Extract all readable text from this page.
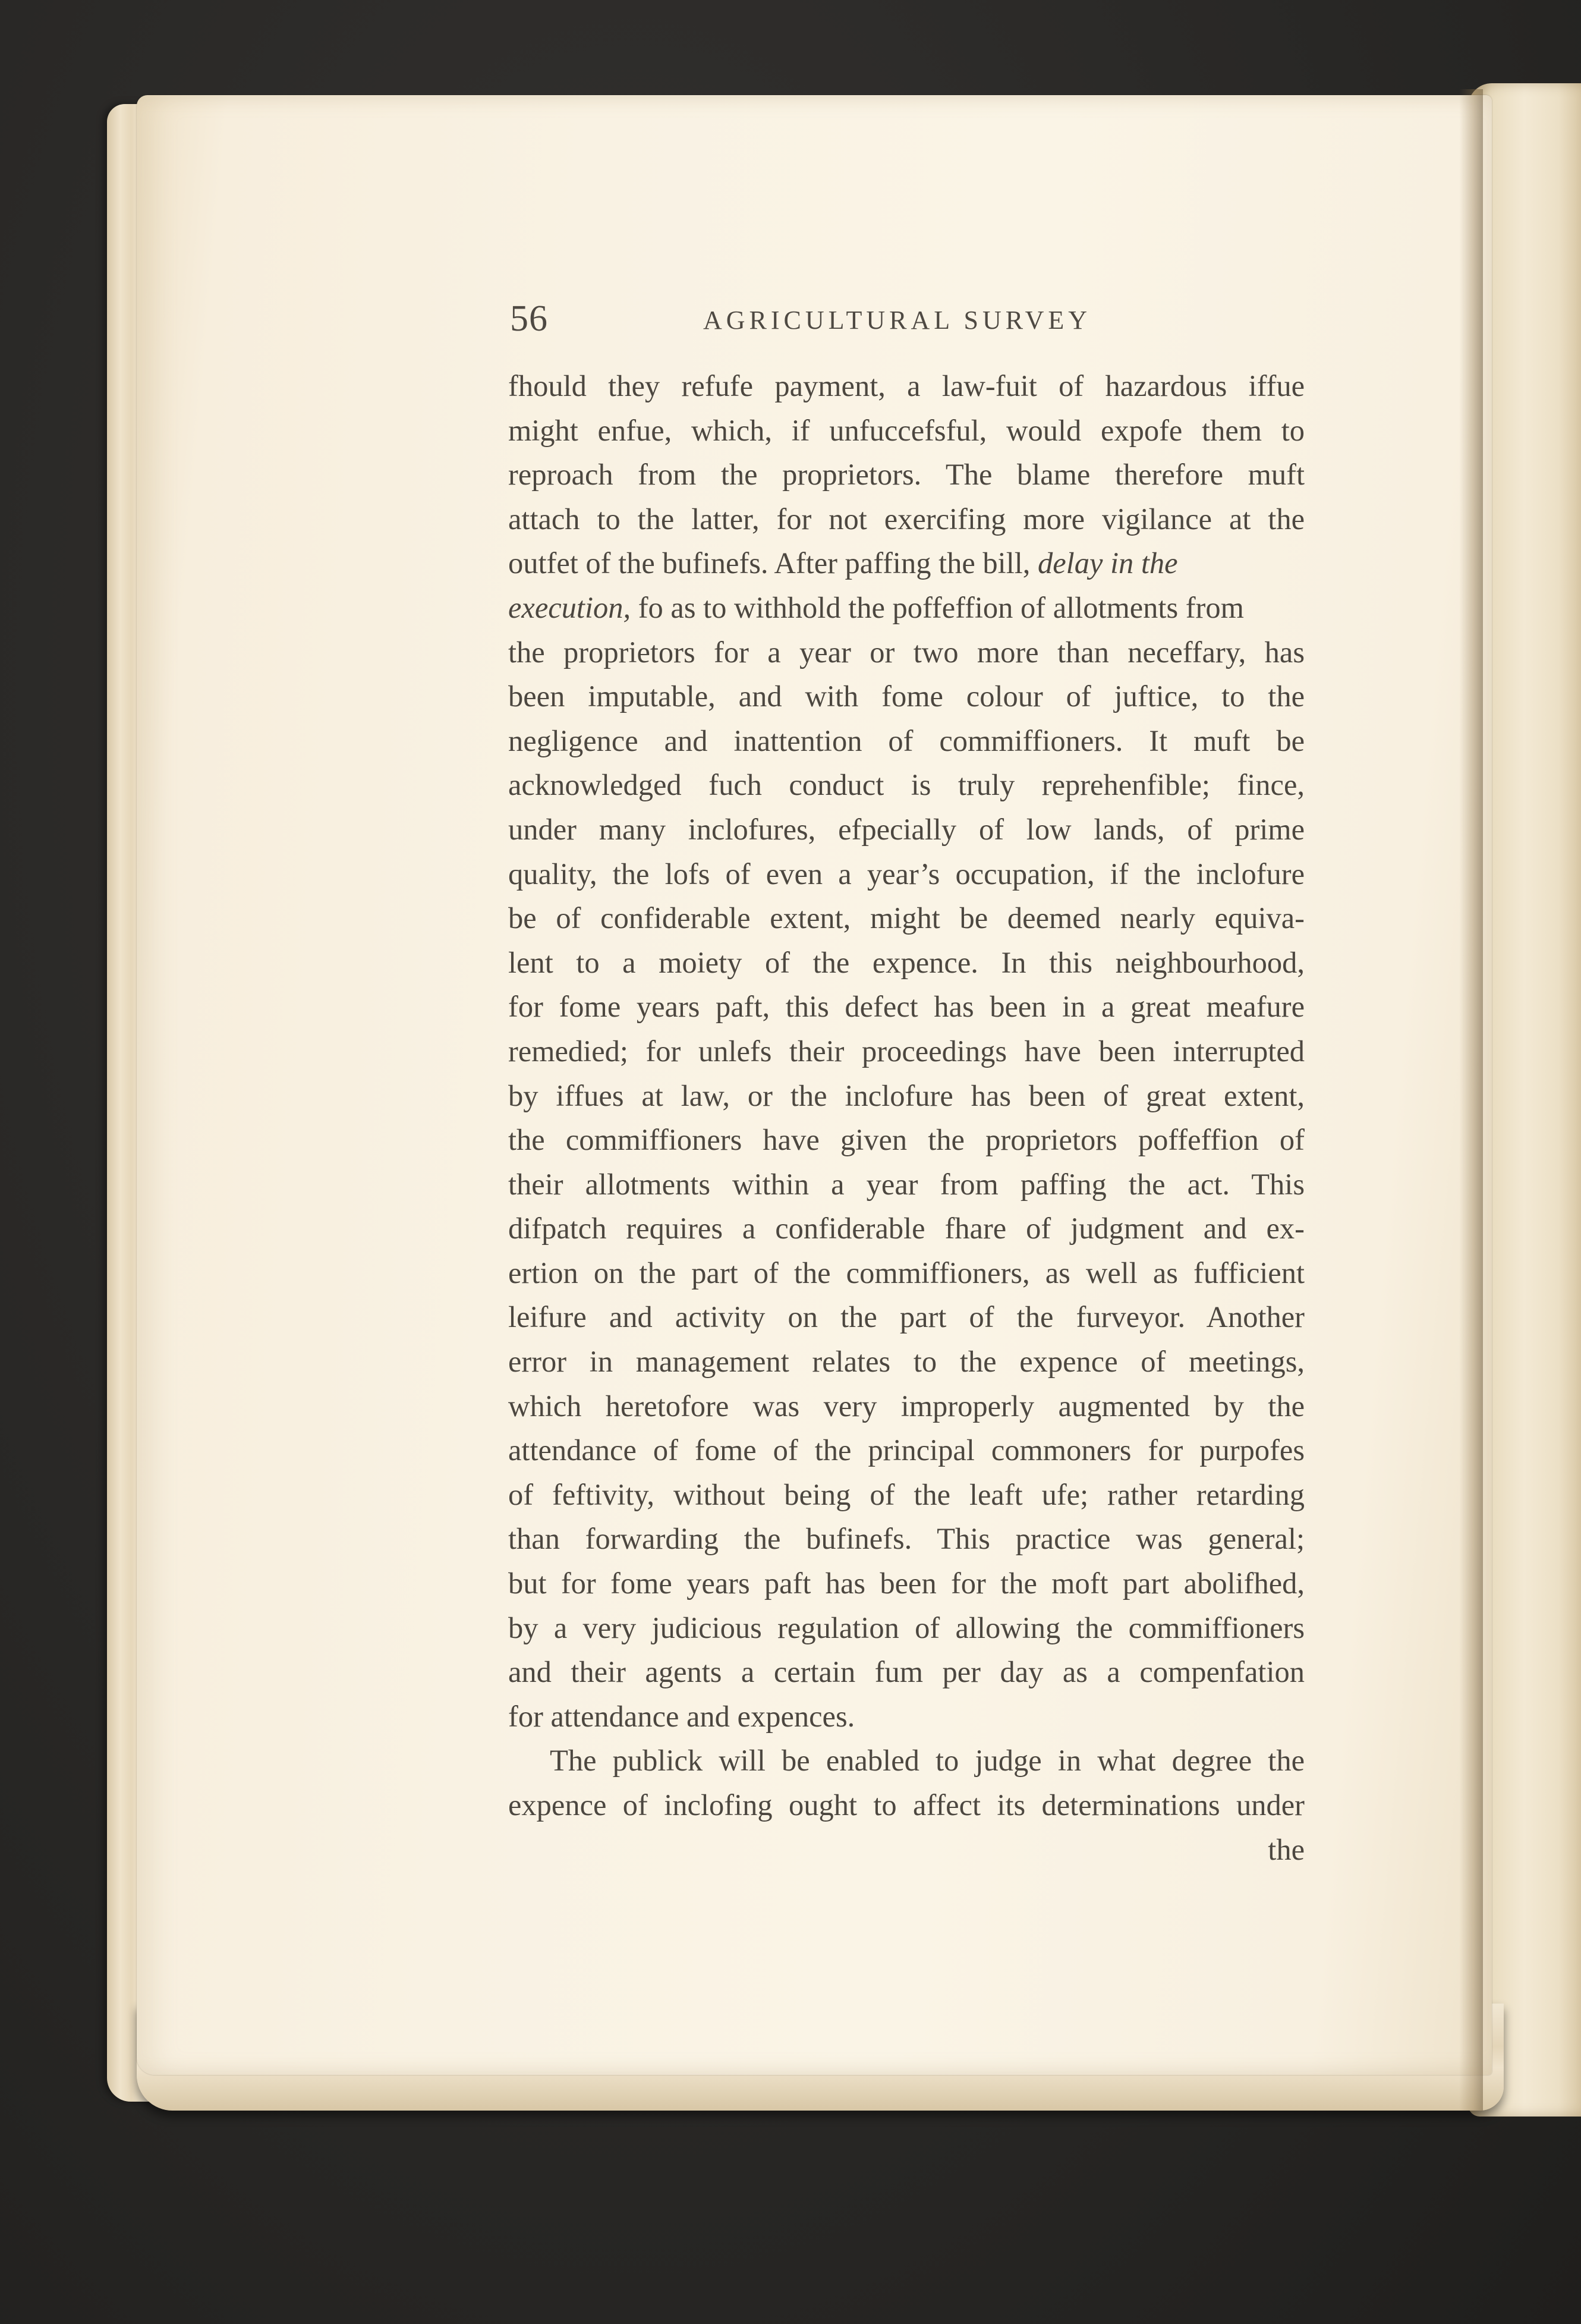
56	AGRICULTURAL SURVEY
fhould they refufe payment, a law-fuit of hazardous iffue
might enfue, which, if unfuccefsful, would expofe them to
reproach from the proprietors. The blame therefore muft
attach to the latter, for not exercifing more vigilance at the
outfet of the bufinefs. After paffing the bill, delay in the
execution, fo as to withhold the poffeffion of allotments from
the proprietors for a year or two more than neceffary, has
been imputable, and with fome colour of juftice, to the
negligence and inattention of commiffioners. It muft be
acknowledged fuch conduct is truly reprehenfible; fince,
under many inclofures, efpecially of low lands, of prime
quality, the lofs of even a year’s occupation, if the inclofure
be of confiderable extent, might be deemed nearly equiva-
lent to a moiety of the expence. In this neighbourhood,
for fome years paft, this defect has been in a great meafure
remedied; for unlefs their proceedings have been interrupted
by iffues at law, or the inclofure has been of great extent,
the commiffioners have given the proprietors poffeffion of
their allotments within a year from paffing the act. This
difpatch requires a confiderable fhare of judgment and ex-
ertion on the part of the commiffioners, as well as fufficient
leifure and activity on the part of the furveyor. Another
error in management relates to the expence of meetings,
which heretofore was very improperly augmented by the
attendance of fome of the principal commoners for purpofes
of feftivity, without being of the leaft ufe; rather retarding
than forwarding the bufinefs. This practice was general;
but for fome years paft has been for the moft part abolifhed,
by a very judicious regulation of allowing the commiffioners
and their agents a certain fum per day as a compenfation
for attendance and expences.
The publick will be enabled to judge in what degree the
expence of inclofing ought to affect its determinations under
the
